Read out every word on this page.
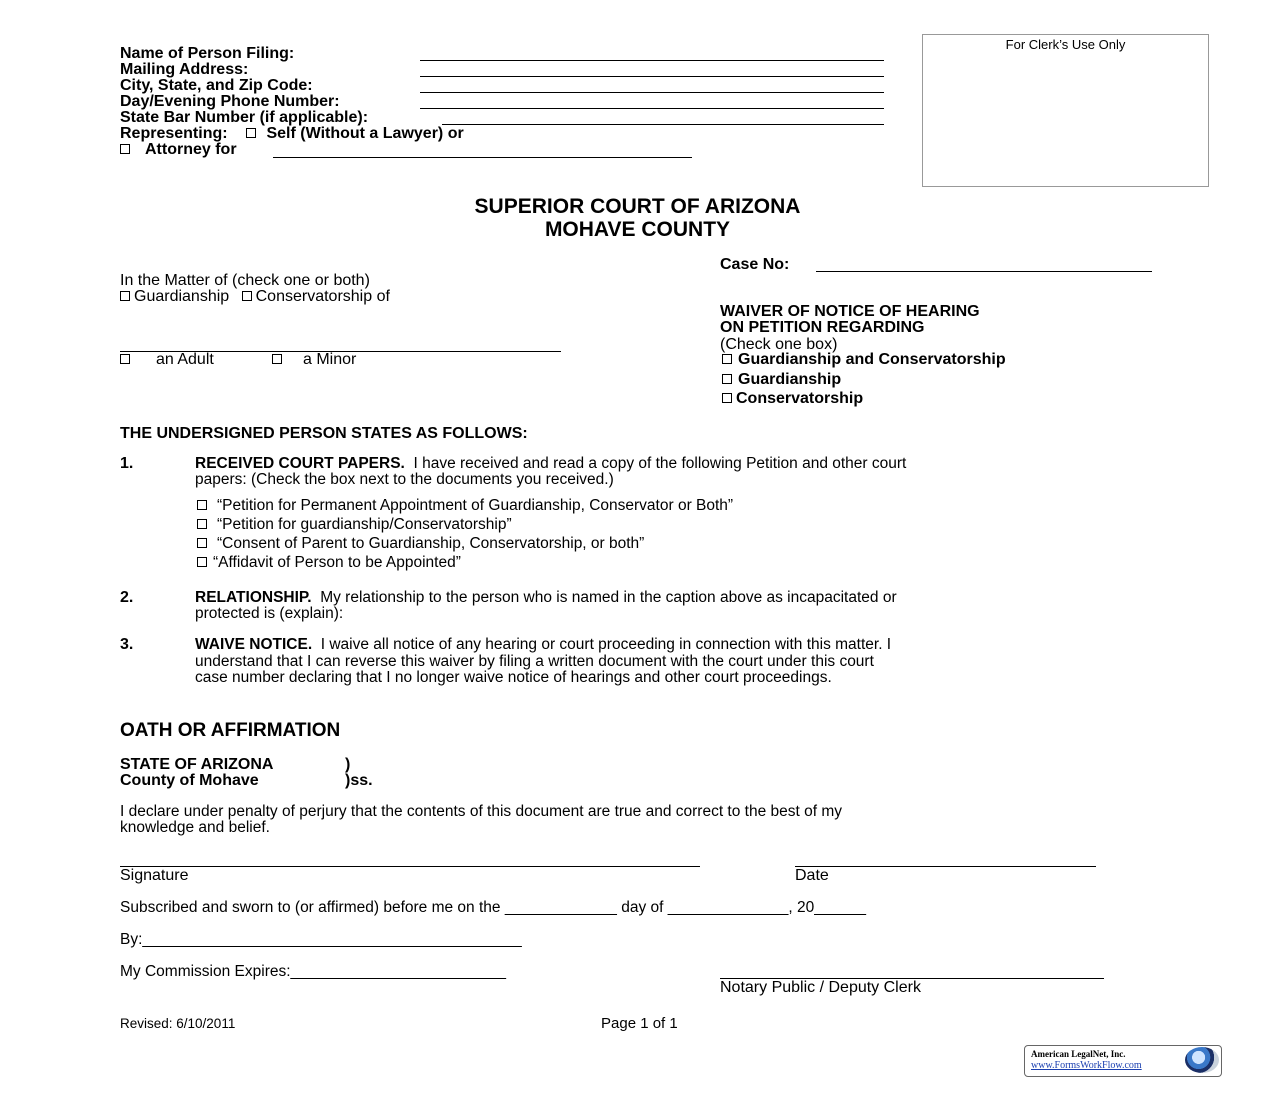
For Clerk’s Use Only
Name of Person Filing:
Mailing Address:
City, State, and Zip Code:
Day/Evening Phone Number:
State Bar Number (if applicable):
Representing: Self (Without a Lawyer) or
Attorney for
SUPERIOR COURT OF ARIZONA
MOHAVE COUNTY
Case No:
In the Matter of (check one or both)
Guardianship Conservatorship of
an Adult	a Minor
WAIVER OF NOTICE OF HEARING
ON PETITION REGARDING
(Check one box)
Guardianship and Conservatorship
Guardianship
Conservatorship
THE UNDERSIGNED PERSON STATES AS FOLLOWS:
1.	RECEIVED COURT PAPERS. I have received and read a copy of the following Petition and other court
papers: (Check the box next to the documents you received.)
“Petition for Permanent Appointment of Guardianship, Conservator or Both”
“Petition for guardianship/Conservatorship”
“Consent of Parent to Guardianship, Conservatorship, or both”
“Affidavit of Person to be Appointed”
2.	RELATIONSHIP. My relationship to the person who is named in the caption above as incapacitated or
protected is (explain):
3.	WAIVE NOTICE. I waive all notice of any hearing or court proceeding in connection with this matter. I
understand that I can reverse this waiver by filing a written document with the court under this court
case number declaring that I no longer waive notice of hearings and other court proceedings.
OATH OR AFFIRMATION
STATE OF ARIZONA	)
County of Mohave	)ss.
I declare under penalty of perjury that the contents of this document are true and correct to the best of my
knowledge and belief.
Signature	Date
Subscribed and sworn to (or affirmed) before me on the _____________ day of ______________, 20______
By:____________________________________________
My Commission Expires:_________________________
Notary Public / Deputy Clerk
Revised: 6/10/2011	Page 1 of 1
American LegalNet, Inc.
www.FormsWorkFlow.com
